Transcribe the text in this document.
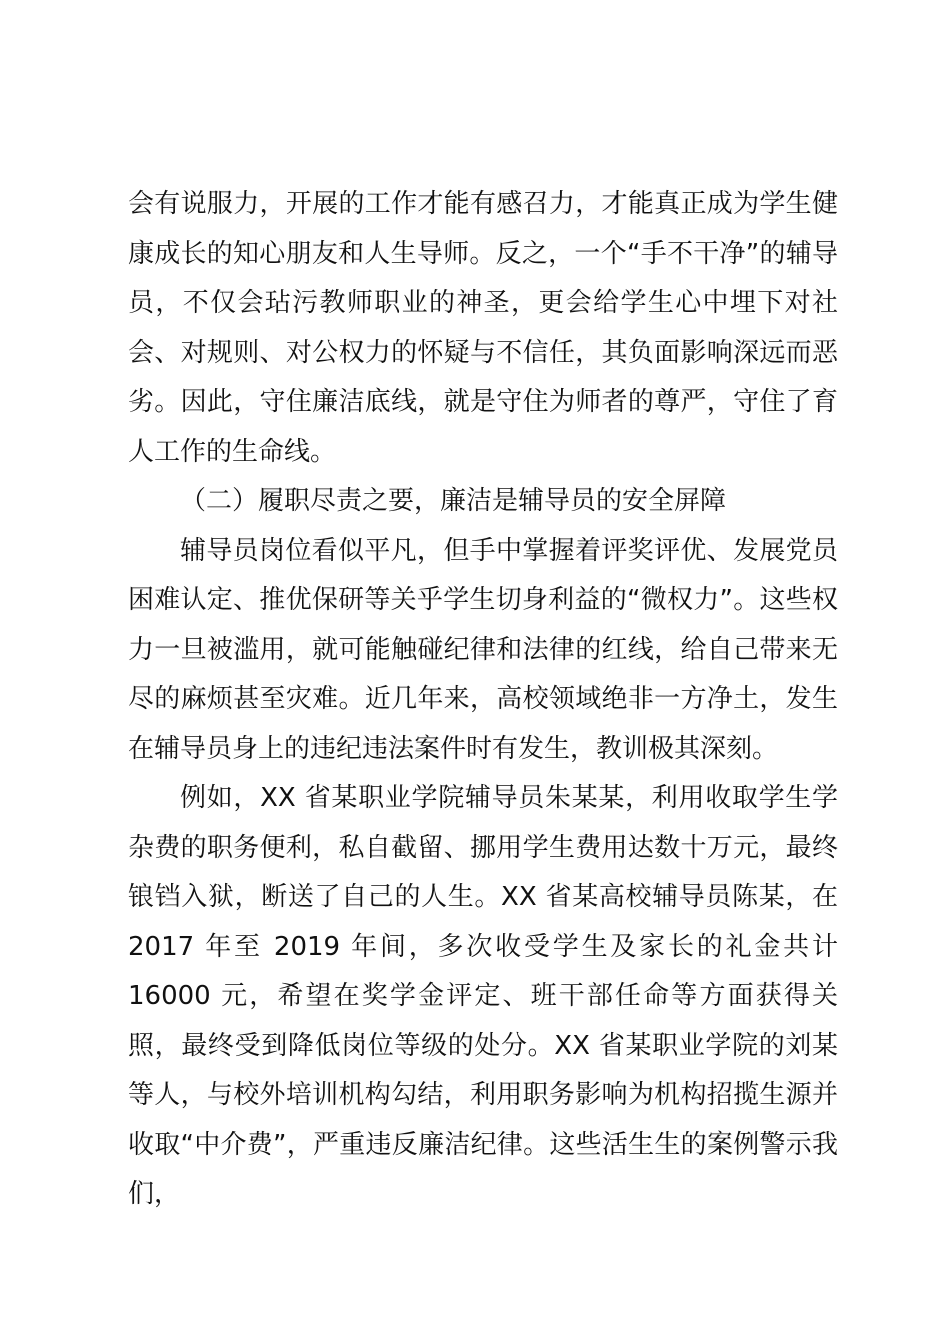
会有说服力，开展的工作才能有感召力，才能真正成为学生健康成长的知心朋友和人生导师。反之，一个“手不干净”的辅导员，不仅会玷污教师职业的神圣，更会给学生心中埋下对社会、对规则、对公权力的怀疑与不信任，其负面影响深远而恶劣。因此，守住廉洁底线，就是守住为师者的尊严，守住了育人工作的生命线。

（二）履职尽责之要，廉洁是辅导员的安全屏障

辅导员岗位看似平凡，但手中掌握着评奖评优、发展党员困难认定、推优保研等关乎学生切身利益的“微权力”。这些权力一旦被滥用，就可能触碰纪律和法律的红线，给自己带来无尽的麻烦甚至灾难。近几年来，高校领域绝非一方净土，发生在辅导员身上的违纪违法案件时有发生，教训极其深刻。

例如，XX 省某职业学院辅导员朱某某，利用收取学生学杂费的职务便利，私自截留、挪用学生费用达数十万元，最终锒铛入狱，断送了自己的人生。XX 省某高校辅导员陈某，在 2017 年至 2019 年间，多次收受学生及家长的礼金共计 16000 元，希望在奖学金评定、班干部任命等方面获得关照，最终受到降低岗位等级的处分。XX 省某职业学院的刘某等人，与校外培训机构勾结，利用职务影响为机构招揽生源并收取“中介费”，严重违反廉洁纪律。这些活生生的案例警示我们，
